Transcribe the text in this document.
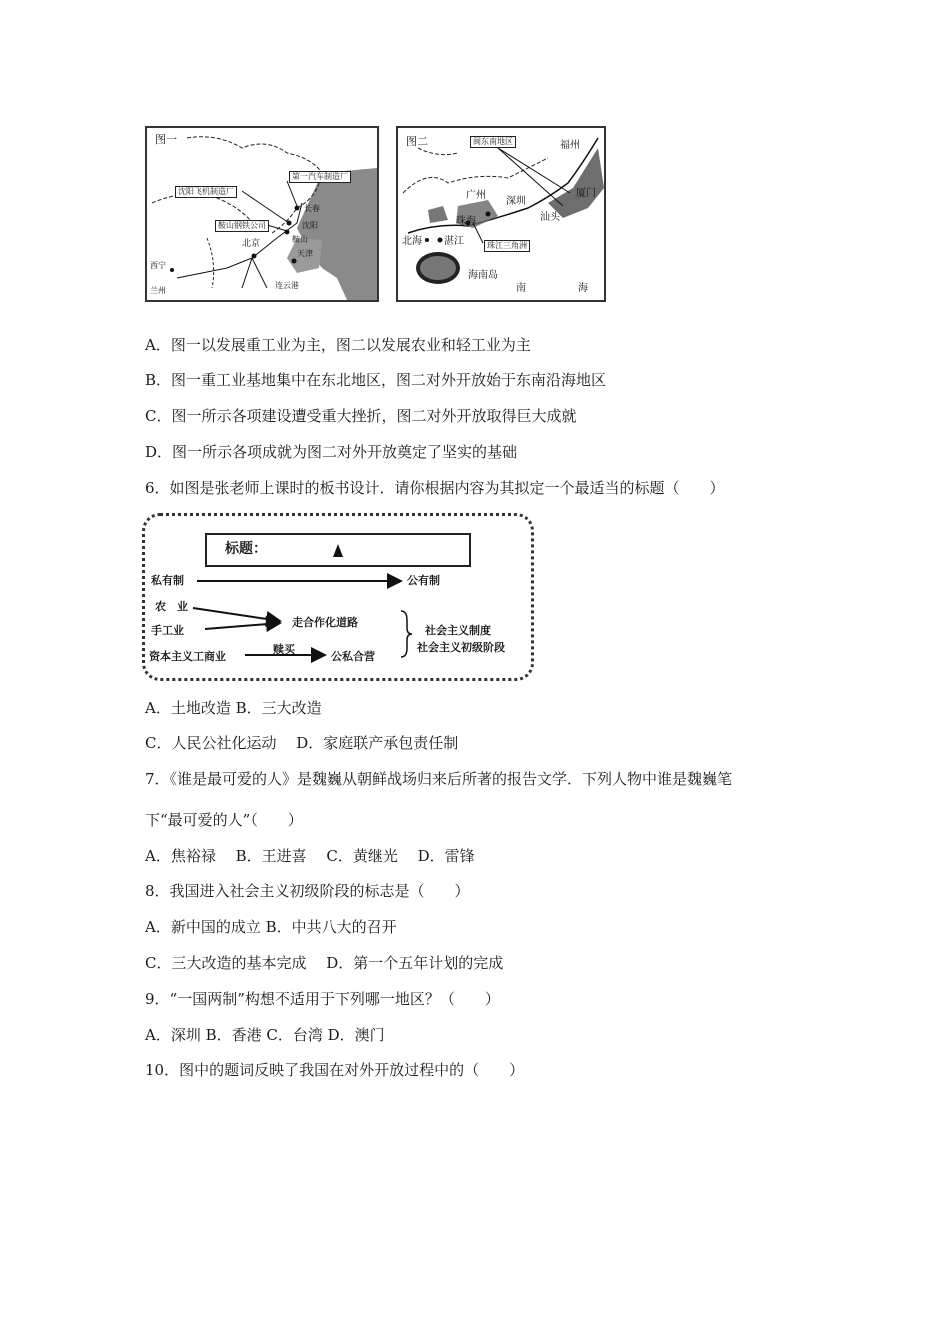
图一
沈阳飞机制造厂
第一汽车制造厂
鞍山钢铁公司	沈阳
长春
鞍山
北京
天津
西宁
兰州
连云港
图二	闽东南地区	福州
厦门
广州
深圳
汕头
珠海
北海 湛江	珠江三角洲
海南岛
南	海
A．图一以发展重工业为主，图二以发展农业和轻工业为主
B．图一重工业基地集中在东北地区，图二对外开放始于东南沿海地区
C．图一所示各项建设遭受重大挫折，图二对外开放取得巨大成就
D．图一所示各项成就为图二对外开放奠定了坚实的基础
6．如图是张老师上课时的板书设计．请你根据内容为其拟定一个最适当的标题（　　）
标题：
私有制	公有制
农　业
手工业
资本主义工商业
走合作化道路
赎买
公私合营
社会主义制度
社会主义初级阶段
A．土地改造 B．三大改造
C．人民公社化运动　 D．家庭联产承包责任制
7．《谁是最可爱的人》是魏巍从朝鲜战场归来后所著的报告文学．下列人物中谁是魏巍笔
下“最可爱的人”（　　）
A．焦裕禄　 B．王进喜　 C．黄继光　 D．雷锋
8．我国进入社会主义初级阶段的标志是（　　）
A．新中国的成立 B．中共八大的召开
C．三大改造的基本完成　 D．第一个五年计划的完成
9．“一国两制”构想不适用于下列哪一地区？（　　）
A．深圳 B．香港 C．台湾 D．澳门
10．图中的题词反映了我国在对外开放过程中的（　　）
